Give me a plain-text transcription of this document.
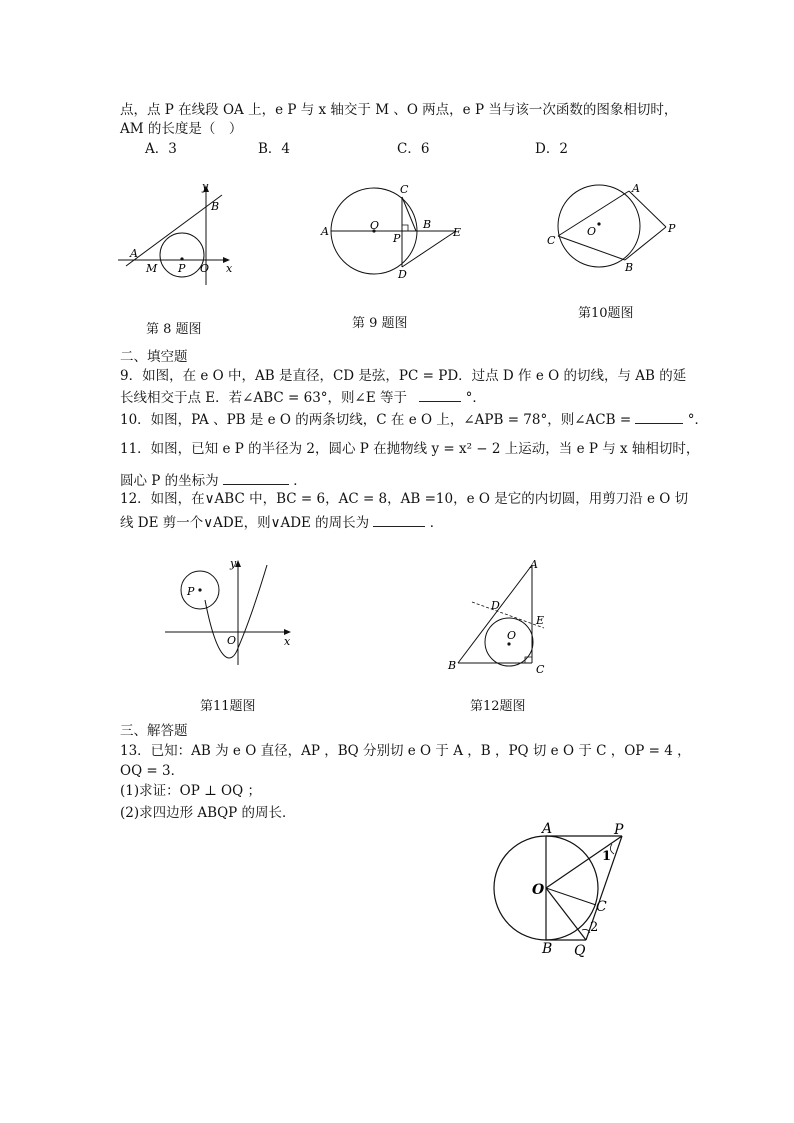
点，点 P 在线段 OA 上，e P 与 x 轴交于 M 、O 两点，e P 当与该一次函数的图象相切时，
AM 的长度是（　）
A．3	B．4	C．6	D．2
y
B
A
M P O x
第 8 题图
A	O
C
P
B
E
D
第 9 题图
A
O
C
P
B
第10题图
二、填空题
9．如图，在 e O 中，AB 是直径，CD 是弦，PC = PD．过点 D 作 e O 的切线，与 AB 的延
长线相交于点 E．若∠ABC = 63°，则∠E 等于	°．
10．如图，PA 、PB 是 e O 的两条切线，C 在 e O 上，∠APB = 78°，则∠ACB =	°．
11．如图，已知 e P 的半径为 2，圆心 P 在抛物线 y = x² − 2 上运动，当 e P 与 x 轴相切时，
圆心 P 的坐标为	．
12．如图，在∨ABC 中，BC = 6，AC = 8，AB =10，e O 是它的内切圆，用剪刀沿 e O 切
线 DE 剪一个∨ADE，则∨ADE 的周长为	．
y
P
O	x
第11题图
A
D
E
O
B	C
第12题图
三、解答题
13．已知：AB 为 e O 直径，AP ，BQ 分别切 e O 于 A ，B ，PQ 切 e O 于 C ，OP = 4 ，
OQ = 3．
(1)求证：OP ⊥ OQ ；
(2)求四边形 ABQP 的周长．
A	P
1
O
C
2
B Q
